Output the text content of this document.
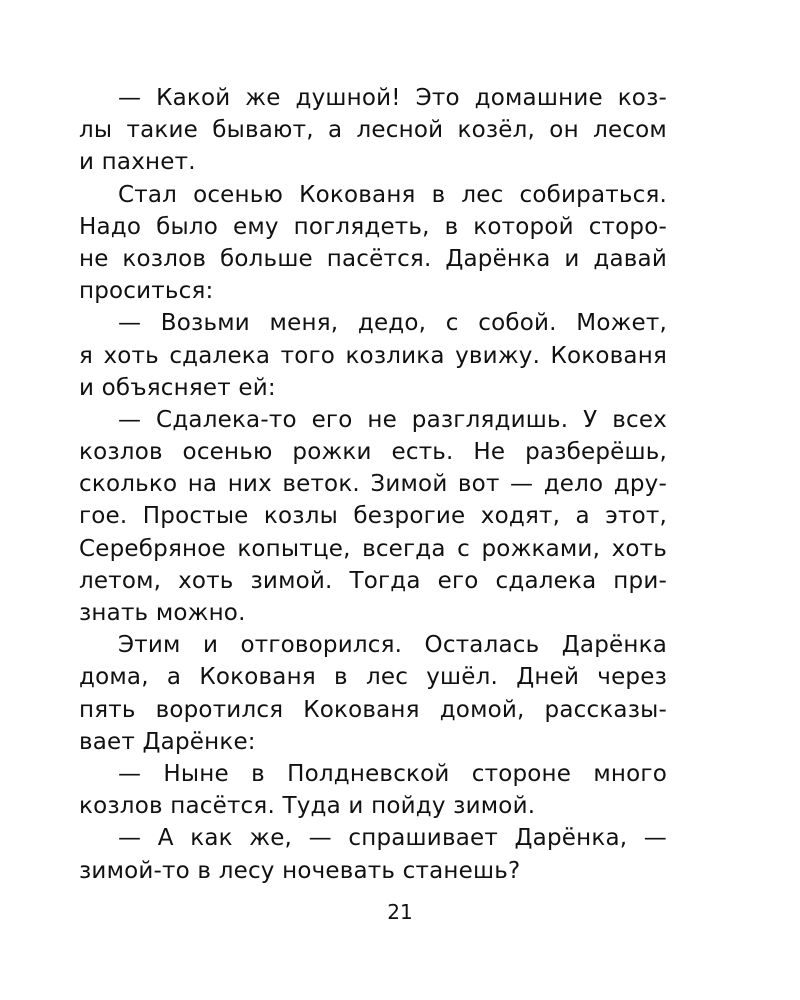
— Какой же душной! Это домашние коз-
лы такие бывают, а лесной козёл, он лесом
и пахнет.
Стал осенью Кокованя в лес собираться.
Надо было ему поглядеть, в которой сторо-
не козлов больше пасётся. Дарёнка и давай
проситься:
— Возьми меня, дедо, с собой. Может,
я хоть сдалека того козлика увижу. Кокованя
и объясняет ей:
— Сдалека-то его не разглядишь. У всех
козлов осенью рожки есть. Не разберёшь,
сколько на них веток. Зимой вот — дело дру-
гое. Простые козлы безрогие ходят, а этот,
Серебряное копытце, всегда с рожками, хоть
летом, хоть зимой. Тогда его сдалека при-
знать можно.
Этим и отговорился. Осталась Дарёнка
дома, а Кокованя в лес ушёл. Дней через
пять воротился Кокованя домой, рассказы-
вает Дарёнке:
— Ныне в Полдневской стороне много
козлов пасётся. Туда и пойду зимой.
— А как же, — спрашивает Дарёнка, —
зимой-то в лесу ночевать станешь?
21
